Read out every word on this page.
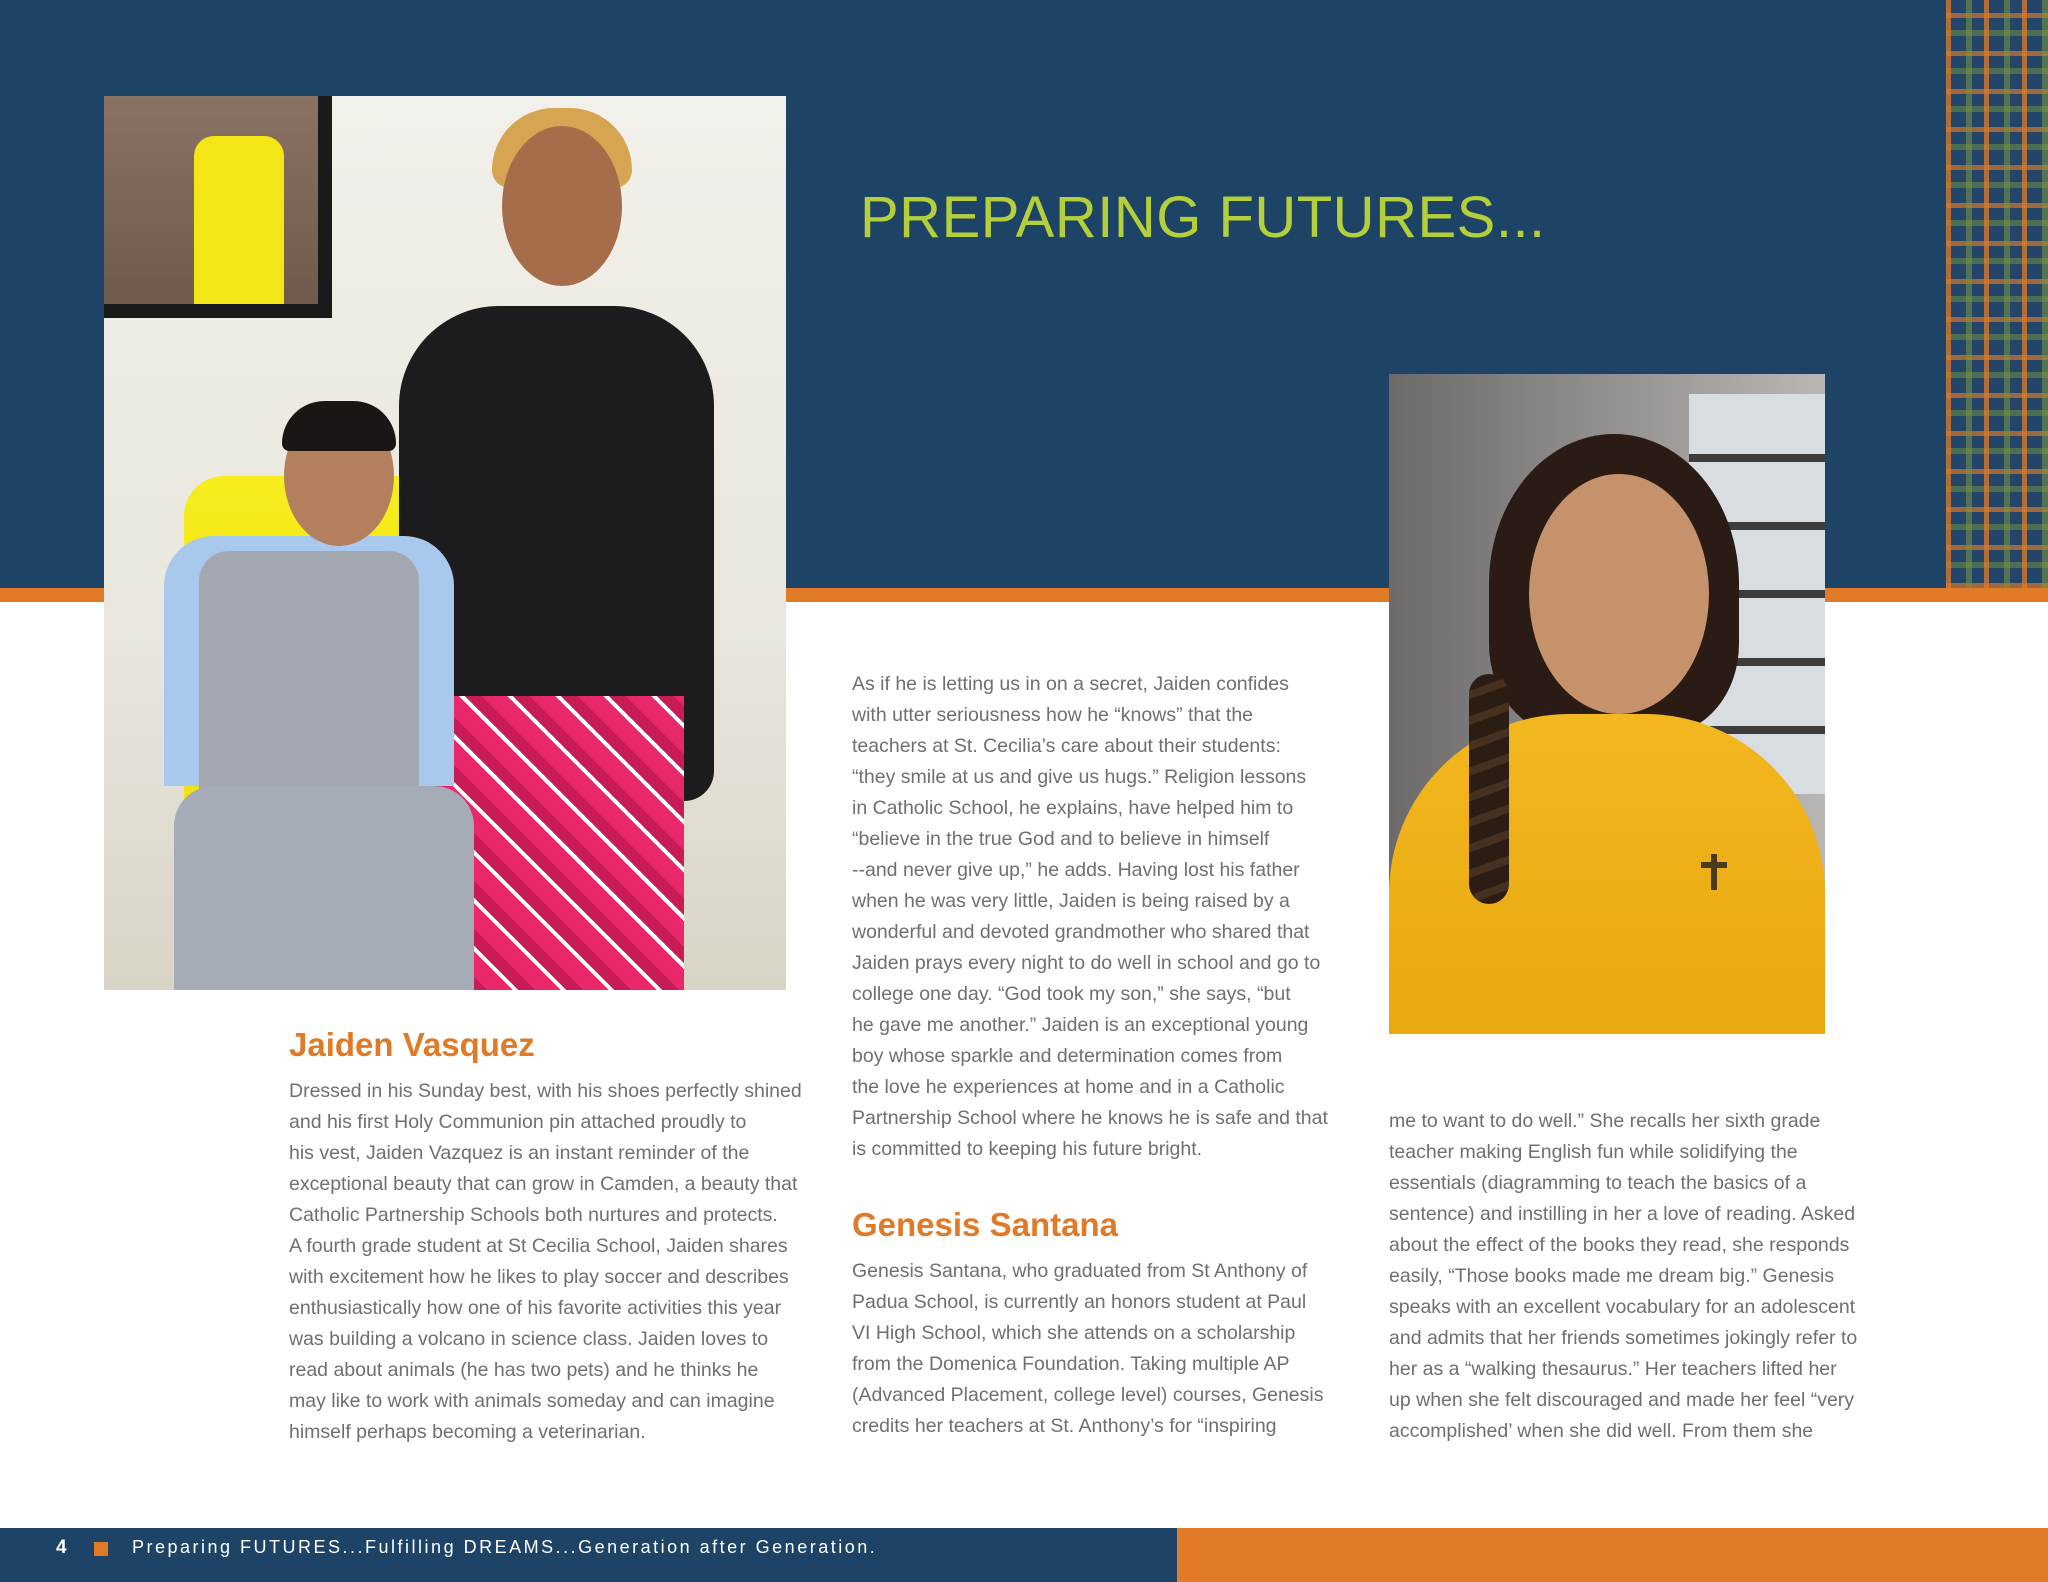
PREPARING FUTURES...
Jaiden Vasquez
Dressed in his Sunday best, with his shoes perfectly shined
and his first Holy Communion pin attached proudly to
his vest, Jaiden Vazquez is an instant reminder of the
exceptional beauty that can grow in Camden, a beauty that
Catholic Partnership Schools both nurtures and protects.
A fourth grade student at St Cecilia School, Jaiden shares
with excitement how he likes to play soccer and describes
enthusiastically how one of his favorite activities this year
was building a volcano in science class. Jaiden loves to
read about animals (he has two pets) and he thinks he
may like to work with animals someday and can imagine
himself perhaps becoming a veterinarian.
As if he is letting us in on a secret, Jaiden confides
with utter seriousness how he “knows” that the
teachers at St. Cecilia’s care about their students:
“they smile at us and give us hugs.” Religion lessons
in Catholic School, he explains, have helped him to
“believe in the true God and to believe in himself
--and never give up,” he adds. Having lost his father
when he was very little, Jaiden is being raised by a
wonderful and devoted grandmother who shared that
Jaiden prays every night to do well in school and go to
college one day. “God took my son,” she says, “but
he gave me another.” Jaiden is an exceptional young
boy whose sparkle and determination comes from
the love he experiences at home and in a Catholic
Partnership School where he knows he is safe and that
is committed to keeping his future bright.
Genesis Santana
Genesis Santana, who graduated from St Anthony of
Padua School, is currently an honors student at Paul
VI High School, which she attends on a scholarship
from the Domenica Foundation. Taking multiple AP
(Advanced Placement, college level) courses, Genesis
credits her teachers at St. Anthony’s for “inspiring
me to want to do well.” She recalls her sixth grade
teacher making English fun while solidifying the
essentials (diagramming to teach the basics of a
sentence) and instilling in her a love of reading. Asked
about the effect of the books they read, she responds
easily, “Those books made me dream big.” Genesis
speaks with an excellent vocabulary for an adolescent
and admits that her friends sometimes jokingly refer to
her as a “walking thesaurus.” Her teachers lifted her
up when she felt discouraged and made her feel “very
accomplished’ when she did well. From them she
4	Preparing FUTURES...Fulfilling DREAMS...Generation after Generation.
